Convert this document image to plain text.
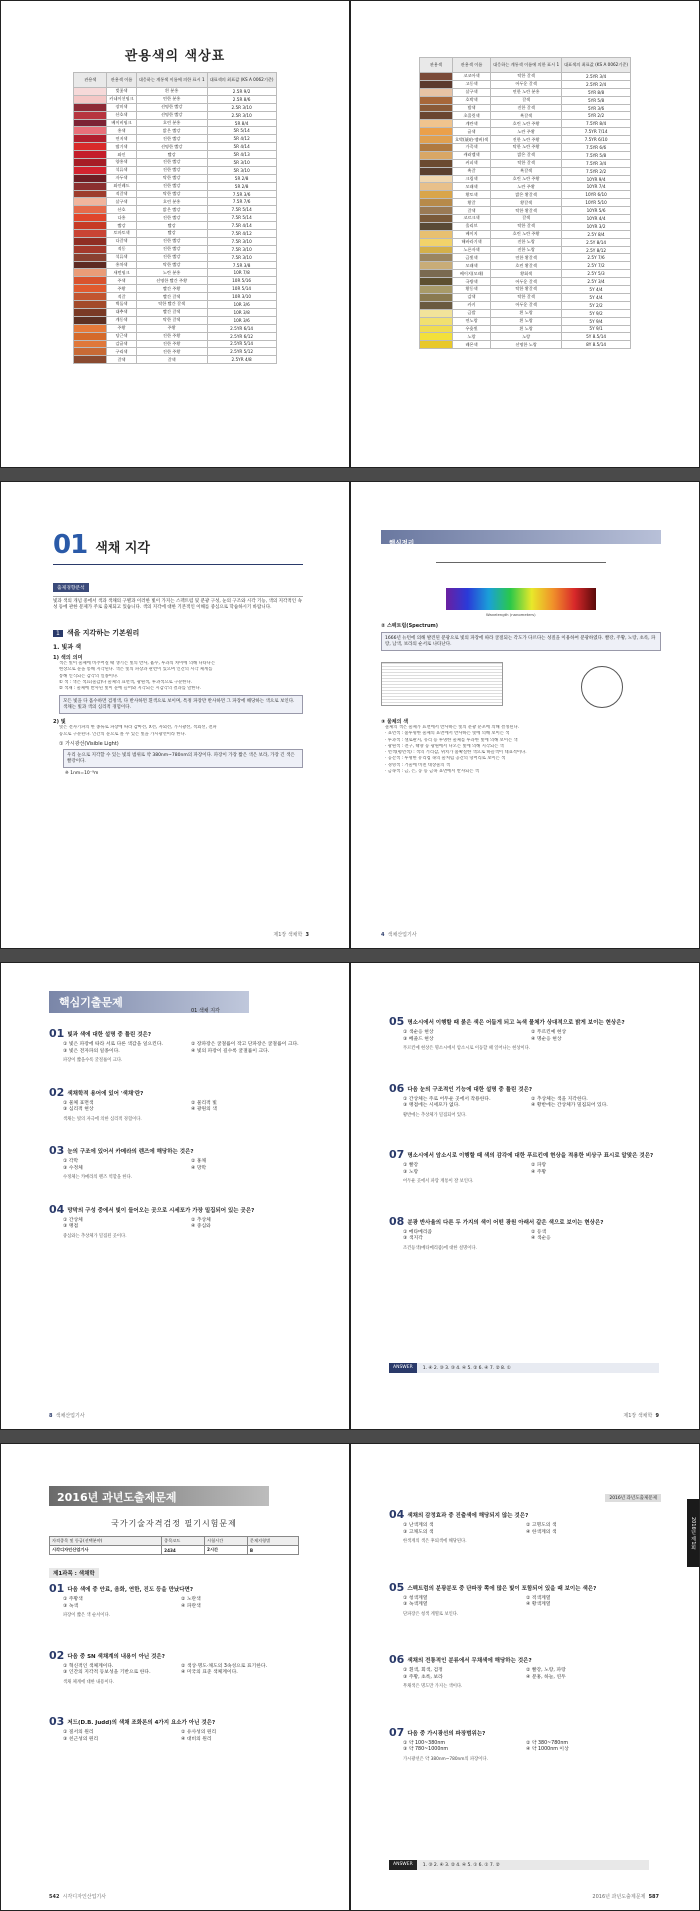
관용색의 색상표
관용색	관용색 이름	대응하는 계통색 이름에 의한 표시 1	대표색의 최표값 (KS A 0062기준)
	벚꽃색	흰 분홍	2.5R 9/2
	카네이션핑크	연한 분홍	2.5R 8/6
	장미색	선명한 빨강	2.5R 3/10
	산호색	선명한 빨강	2.5R 3/10
	베이비핑크	흐린 분홍	5R 8/4
	홍색	밝은 빨강	5R 5/14
	연지색	진한 빨강	5R 4/12
	딸기색	선명한 빨강	5R 4/14
	와인	빨강	5R 4/13
	양홍색	진한 빨강	5R 3/10
	석류색	진한 빨강	5R 3/10
	자두색	탁한 빨강	5R 2/8
	와인레드	진한 빨강	5R 2/8
	적갈색	탁한 빨강	7.5R 3/6
	살구색	흐린 분홍	7.5R 7/6
	산호	밝은 빨강	7.5R 5/14
	다홍	진한 빨강	7.5R 5/14
	빨강	빨강	7.5R 4/14
	토마토색	빨강	7.5R 4/12
	다갈색	진한 빨강	7.5R 3/10
	적동	진한 빨강	7.5R 3/10
	석류색	진한 빨강	7.5R 3/10
	홍차색	탁한 빨강	7.5R 3/8
	새먼핑크	노란 분홍	10R 7/8
	주색	선명한 빨간 주황	10R 5/16
	주황	빨간 주황	10R 5/14
	적갈	빨간 갈색	10R 3/10
	벽돌색	탁한 빨간 갈색	10R 3/6
	대추색	빨간 갈색	10R 3/8
	계동색	탁한 갈색	10R 3/6
	주황	주황	2.5YR 6/14
	당근색	진한 주황	2.5YR 6/12
	감귤색	진한 주황	2.5YR 5/14
	구리색	진한 주황	2.5YR 5/12
	갈색	갈색	2.5YR 4/8
관용색	관용색 이름	대응하는 계통색 이름에 의한 표시 1	대표색의 최표값 (KS A 0062기준)
	코코아색	탁한 갈색	2.5YR 3/4
	고동색	어두운 갈색	2.5YR 2/4
	살구색	연한 노란 분홍	5YR 8/8
	호박색	갈색	5YR 5/8
	밤색	진한 갈색	5YR 3/6
	초콜릿색	흑갈색	5YR 2/2
	계란색	흐린 노란 주황	7.5YR 8/4
	귤색	노란 주황	7.5YR 7/14
	호박(琥珀·앰버)색	진한 노란 주황	7.5YR 6/10
	가죽색	탁한 노란 주황	7.5YR 6/6
	캐러멜색	밝은 갈색	7.5YR 5/8
	커피색	탁한 갈색	7.5YR 3/4
	흑갈	흑갈색	7.5YR 2/2
	크림색	흐린 노란 주황	10YR 9/4
	모래색	노란 주황	10YR 7/4
	황토색	밝은 황갈색	10YR 6/10
	황갈	황갈색	10YR 5/10
	갈색	탁한 황갈색	10YR 5/6
	코르크색	갈색	10YR 4/4
	올리브	탁한 갈색	10YR 3/2
	베이지	흐린 노란 주황	2.5Y 8/4
	해바라기색	진한 노랑	2.5Y 8/14
	노른자색	진한 노랑	2.5Y 8/12
	금빛색	연한 황갈색	2.5Y 7/6
	모래색	흐린 황갈색	2.5Y 7/2
	베이지(모래)	황회색	2.5Y 5/3
	국방색	어두운 갈색	2.5Y 3/4
	황동색	탁한 황갈색	5Y 4/4
	감색	탁한 갈색	5Y 4/4
	카키	어두운 갈색	5Y 2/2
	금발	흰 노랑	5Y 9/2
	연노랑	흰 노랑	5Y 9/4
	우윳빛	흰 노랑	5Y 9/1
	노랑	노랑	5Y 8.5/14
	레몬색	선명한 노랑	8Y 8.5/14
01 색채 지각
출제경향분석
빛과 색의 개념 중에서 색과 색채의 구별과 이러한 빛이 가지는 스펙트럼 및 분광 구성, 눈의 구조와 시각 기능, 색의 지각적인 속성 등에 관한 문제가 주로 출제되고 있습니다. 색의 지각에 대한 기본적인 이해를 중심으로 학습하시기 바랍니다.
1	색을 지각하는 기본원리
1. 빛과 색
1) 색의 의미
색은 빛이 물체에 비추어질 때 생기는 빛의 반사, 흡수, 투과의 차이에 의해 나타나는
현상으로 눈을 통해 지각된다. 색은 빛의 파장과 관련이 있으며 인간의 시각 체계를
통해 인식되는 감각의 일종이다.
① 색 : 색은 색료(물감)나 물체의 표면색, 광원색, 투과색으로 구분한다.
② 색채 : 물체에 반사된 빛이 눈에 들어와 지각되는 시감각의 결과를 말한다.
모든 빛을 다 흡수하면 검정색, 다 반사하면 흰색으로 보이며, 특정 파장만 반사하면 그 파장에 해당하는 색으로 보인다. 색채는 빛과 색의 심리적 경험이다.
2) 빛
빛은 전자기파의 한 종류로 파장에 따라 감마선, X선, 자외선, 가시광선, 적외선, 전파
등으로 구분된다. 인간의 눈으로 볼 수 있는 빛을 가시광선이라 한다.
① 가시광선(Visible Light)
우리 눈으로 지각할 수 있는 빛의 범위로 약 380nm~780nm의 파장이다. 파장이 가장 짧은 색은 보라, 가장 긴 색은 빨강이다.
※ 1nm=10⁻⁹m
제1장 색채학 3
핵심정리
Wavelength (nanometers)
② 스펙트럼(Spectrum)
1666년 뉴턴에 의해 발견된 분광으로 빛의 파장에 따라 굴절되는 각도가 다르다는 성질을 이용하여 분광하였다. 빨강, 주황, 노랑, 초록, 파랑, 남색, 보라의 순서로 나타난다.
③ 물체의 색
물체의 색은 물체가 표면에서 반사하는 빛의 분광 분포에 의해 결정된다.
· 표면색 : 불투명한 물체의 표면에서 반사하는 빛에 의해 보이는 색
· 투과색 : 셀로판지, 유리 등 투명한 물체를 투과한 빛에 의해 보이는 색
· 광원색 : 전구, 태양 등 광원에서 나오는 빛에 의해 지각되는 색
· 면색(평면색) : 색의 거리감, 위치가 불확실한 색으로 하늘색이 대표적이다.
· 공간색 : 투명한 유리컵 속의 물처럼 공간의 덩어리로 보이는 색
· 경영색 : 거울에 비친 대상물의 색
· 금속색 : 금, 은, 동 등 금속 표면에서 반사되는 색
4 색채산업기사
핵심기출문제
01 색채 지각
01 빛과 색에 대한 설명 중 틀린 것은?
① 빛은 파장에 따라 서로 다른 색감을 일으킨다.	② 장파장은 굴절률이 작고 단파장은 굴절률이 크다.
③ 빛은 전자파의 일종이다.	④ 빛의 파장이 길수록 굴절률이 크다.
파장이 짧을수록 굴절률이 크다.
02 색채학적 용어에 있어 '색채'란?
① 물체 표면색	② 물리적 빛
③ 심리적 현상	④ 광원의 색
색채는 빛의 자극에 의한 심리적 경험이다.
03 눈의 구조에 있어서 카메라의 렌즈에 해당하는 것은?
① 각막	② 홍채
③ 수정체	④ 망막
수정체는 카메라의 렌즈 역할을 한다.
04 망막의 구성 중에서 빛이 들어오는 곳으로 시세포가 가장 밀집되어 있는 곳은?
① 간상체	② 추상체
③ 맹점	④ 중심와
중심와는 추상체가 밀집된 곳이다.
8 색채산업기사
05 명소시에서 이행할 때 붉은 색은 어둡게 되고 녹색 물체가 상대적으로 밝게 보이는 현상은?
① 색순응 현상	② 푸르킨예 현상
③ 베졸드 현상	④ 명순응 현상
푸르킨예 현상은 명소시에서 암소시로 이동할 때 일어나는 현상이다.
06 다음 눈의 구조적인 기능에 대한 설명 중 틀린 것은?
① 간상체는 주로 어두운 곳에서 작용한다.	② 추상체는 색을 지각한다.
③ 맹점에는 시세포가 없다.	④ 황반에는 간상체가 밀집되어 있다.
황반에는 추상체가 밀집되어 있다.
07 명소시에서 암소시로 이행할 때 색의 감각에 대한 푸르킨예 현상을 적용한 비상구 표시로 알맞은 것은?
① 빨강	② 파랑
③ 노랑	④ 주황
어두운 곳에서 파랑 계통이 잘 보인다.
08 분광 반사율의 다른 두 가지의 색이 어떤 광원 아래서 같은 색으로 보이는 현상은?
① 메타메리즘	② 등색
③ 색지각	④ 색순응
조건등색(메타메리즘)에 대한 설명이다.
ANSWER	1. ④ 2. ③ 3. ③ 4. ④ 5. ② 6. ④ 7. ② 8. ①
제1장 색채학 9
2016년 과년도출제문제
국가기술자격검정 필기시험문제
자격종목 및 등급(선택분야)	종목코드	시험시간	문제지형별
시각디자인산업기사	2434	2시간	B
제1과목 : 색채학
01 다음 색에 중 안료, 음화, 연한, 진도 등을 만났다면?
① 주황색	② 노란색
③ 녹색	④ 파란색
파장이 짧은 색 순서이다.
02 다음 중 SN 색채계의 내용이 아닌 것은?
① 혁신적인 색체계이다.	② 색상·명도·채도의 3속성으로 표기한다.
③ 인간의 지각적 등보성을 기반으로 한다.	④ 미국의 표준 색체계이다.
색채 체계에 대한 내용이다.
03 저드(D.B. Judd)의 색채 조화론의 4가지 요소가 아닌 것은?
① 질서의 원리	② 유사성의 원리
③ 친근성의 원리	④ 대비의 원리
542 시각디자인산업기사
2016년 과년도출제문제
2016년 제1회
04 색채의 감정효과 중 진출색에 해당되지 않는 것은?
① 난색계의 색	② 고명도의 색
③ 고채도의 색	④ 한색계의 색
한색계의 색은 후퇴색에 해당된다.
05 스펙트럼의 분광분포 중 단파장 쪽에 많은 빛이 포함되어 있을 때 보이는 색은?
① 청색계열	② 적색계열
③ 녹색계열	④ 황색계열
단파장은 청색 계열로 보인다.
06 색채의 전통적인 분류에서 무채색에 해당하는 것은?
① 흰색, 회색, 검정	② 빨강, 노랑, 파랑
③ 주황, 초록, 보라	④ 분홍, 하늘, 연두
무채색은 명도만 가지는 색이다.
07 다음 중 가시광선의 파장범위는?
① 약 100~380nm	② 약 380~780nm
③ 약 780~1000nm	④ 약 1000nm 이상
가시광선은 약 380nm~780nm의 파장이다.
ANSWER	1. ③ 2. ④ 3. ② 4. ④ 5. ① 6. ① 7. ②
2016년 과년도출제문제 587
